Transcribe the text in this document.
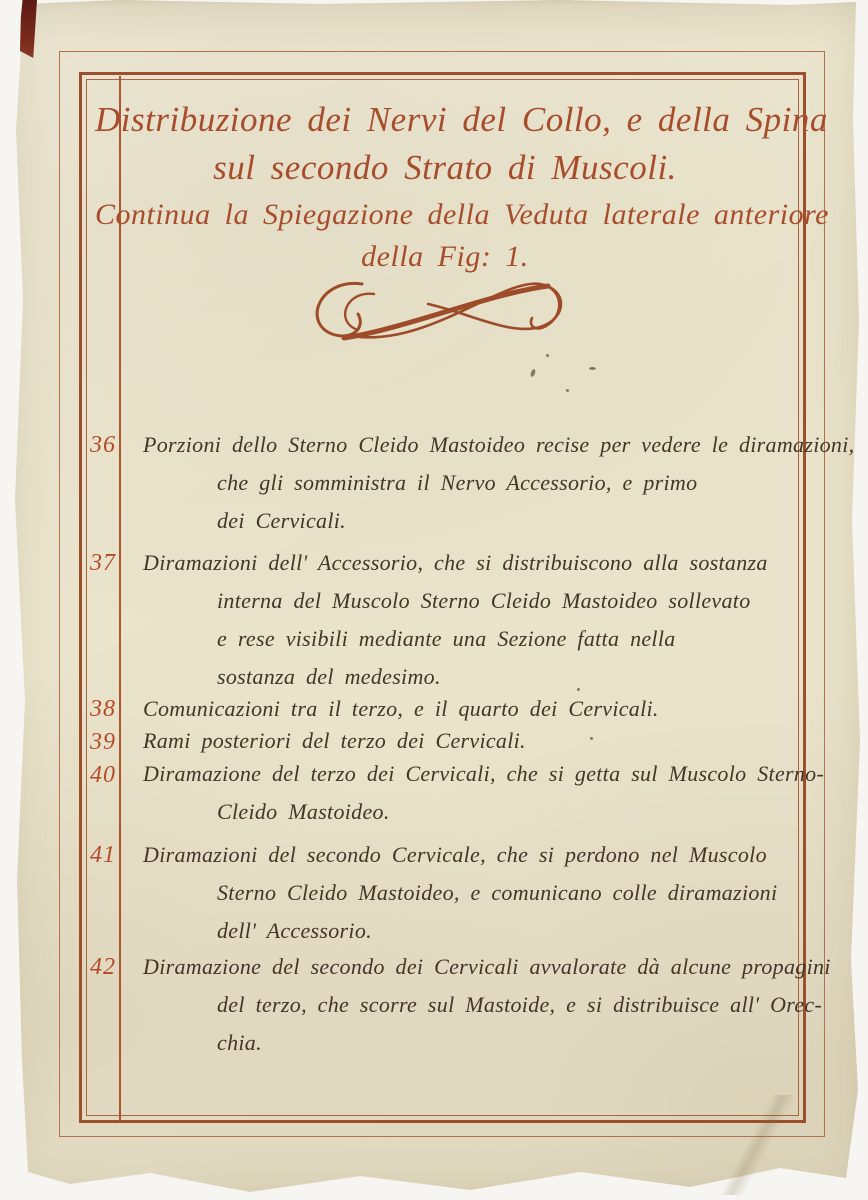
Distribuzione dei Nervi del Collo, e della Spina
sul secondo Strato di Muscoli.
Continua la Spiegazione della Veduta laterale anteriore
della Fig: 1.
36
37
38
39
40
41
42
Porzioni dello Sterno Cleido Mastoideo recise per vedere le diramazioni,
che gli somministra il Nervo Accessorio, e primo
dei Cervicali.
Diramazioni dell' Accessorio, che si distribuiscono alla sostanza
interna del Muscolo Sterno Cleido Mastoideo sollevato
e rese visibili mediante una Sezione fatta nella
sostanza del medesimo.
Comunicazioni tra il terzo, e il quarto dei Cervicali.
Rami posteriori del terzo dei Cervicali.
Diramazione del terzo dei Cervicali, che si getta sul Muscolo Sterno-
Cleido Mastoideo.
Diramazioni del secondo Cervicale, che si perdono nel Muscolo
Sterno Cleido Mastoideo, e comunicano colle diramazioni
dell' Accessorio.
Diramazione del secondo dei Cervicali avvalorate dà alcune propagini
del terzo, che scorre sul Mastoide, e si distribuisce all' Orec-
chia.
